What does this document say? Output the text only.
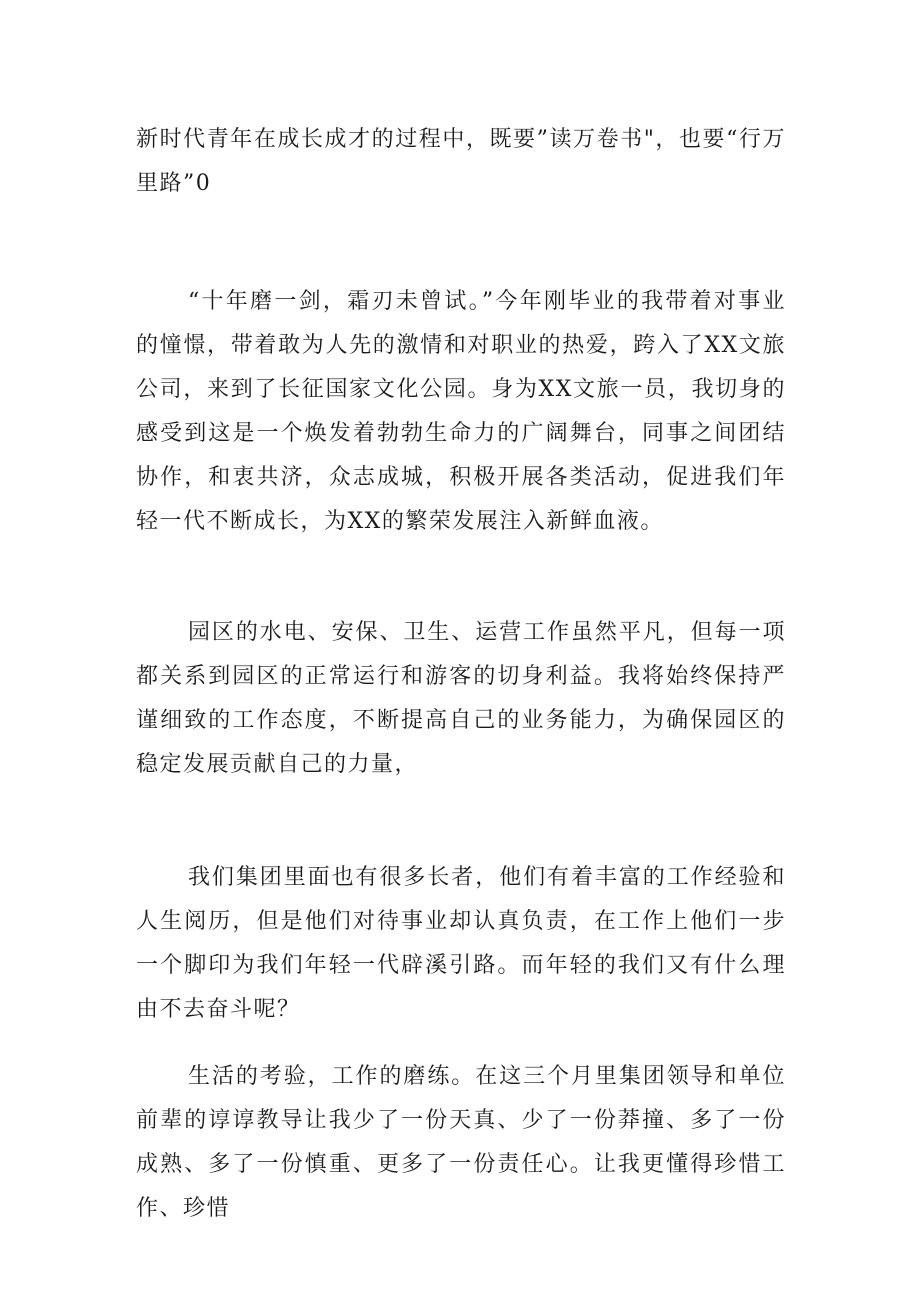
新时代青年在成长成才的过程中，既要”读万卷书"，也要“行万里路”0

“十年磨一剑，霜刃未曾试。”今年刚毕业的我带着对事业的憧憬，带着敢为人先的激情和对职业的热爱，跨入了XX文旅公司，来到了长征国家文化公园。身为XX文旅一员，我切身的感受到这是一个焕发着勃勃生命力的广阔舞台，同事之间团结协作，和衷共济，众志成城，积极开展各类活动，促进我们年轻一代不断成长，为XX的繁荣发展注入新鲜血液。

园区的水电、安保、卫生、运营工作虽然平凡，但每一项都关系到园区的正常运行和游客的切身利益。我将始终保持严谨细致的工作态度，不断提高自己的业务能力，为确保园区的稳定发展贡献自己的力量，

我们集团里面也有很多长者，他们有着丰富的工作经验和人生阅历，但是他们对待事业却认真负责，在工作上他们一步一个脚印为我们年轻一代辟溪引路。而年轻的我们又有什么理由不去奋斗呢？

生活的考验，工作的磨练。在这三个月里集团领导和单位前辈的谆谆教导让我少了一份天真、少了一份莽撞、多了一份成熟、多了一份慎重、更多了一份责任心。让我更懂得珍惜工作、珍惜
